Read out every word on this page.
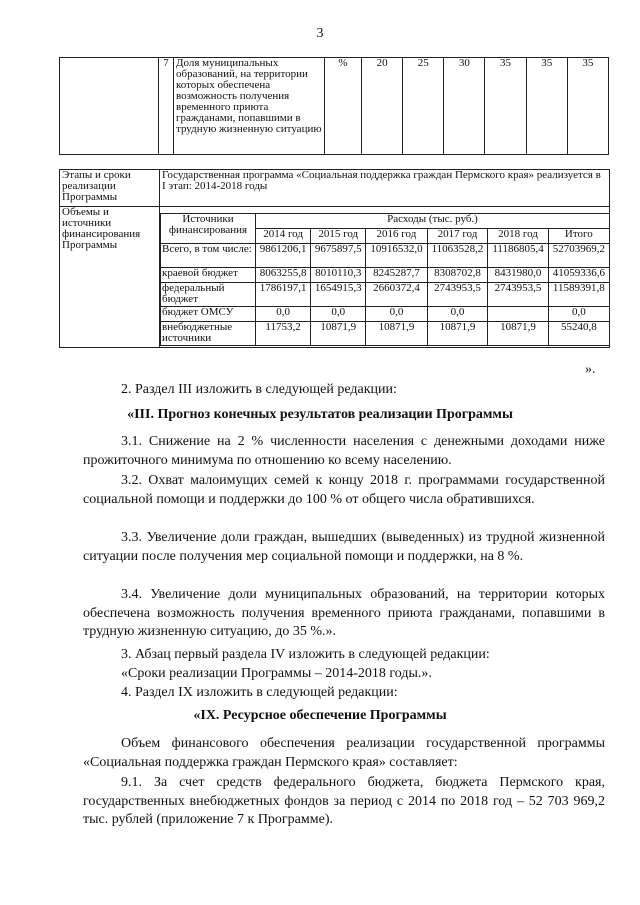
3
	7	Доля муниципальных образований, на территории которых обеспечена возможность получения временного приюта гражданами, попавшими в трудную жизненную ситуацию	%	20	25	30	35	35	35
Этапы и сроки реализации Программы	Государственная программа «Социальная поддержка граждан Пермского края» реализуется в I этап: 2014-2018 годы
Объемы и источники финансирования Программы	
Источники финансирования	Расходы (тыс. руб.)					
	2014 год	2015 год	2016 год	2017 год	2018 год	Итого
Всего, в том числе:	9861206,1	9675897,5	10916532,0	11063528,2	11186805,4	52703969,2
краевой бюджет	8063255,8	8010110,3	8245287,7	8308702,8	8431980,0	41059336,6
федеральный бюджет	1786197,1	1654915,3	2660372,4	2743953,5	2743953,5	11589391,8
бюджет ОМСУ	0,0	0,0	0,0	0,0		0,0
внебюджетные источники	11753,2	10871,9	10871,9	10871,9	10871,9	55240,8
».
2. Раздел III изложить в следующей редакции:
«III. Прогноз конечных результатов реализации Программы
3.1. Снижение на 2 % численности населения с денежными доходами ниже прожиточного минимума по отношению ко всему населению.
3.2. Охват малоимущих семей к концу 2018 г. программами государственной социальной помощи и поддержки до 100 % от общего числа обратившихся.
3.3. Увеличение доли граждан, вышедших (выведенных) из трудной жизненной ситуации после получения мер социальной помощи и поддержки, на 8 %.
3.4. Увеличение доли муниципальных образований, на территории которых обеспечена возможность получения временного приюта гражданами, попавшими в трудную жизненную ситуацию, до 35 %.».
3. Абзац первый раздела IV изложить в следующей редакции:
«Сроки реализации Программы – 2014-2018 годы.».
4. Раздел IX изложить в следующей редакции:
«IX. Ресурсное обеспечение Программы
Объем финансового обеспечения реализации государственной программы «Социальная поддержка граждан Пермского края» составляет:
9.1. За счет средств федерального бюджета, бюджета Пермского края, государственных внебюджетных фондов за период с 2014 по 2018 год – 52 703 969,2 тыс. рублей (приложение 7 к Программе).
